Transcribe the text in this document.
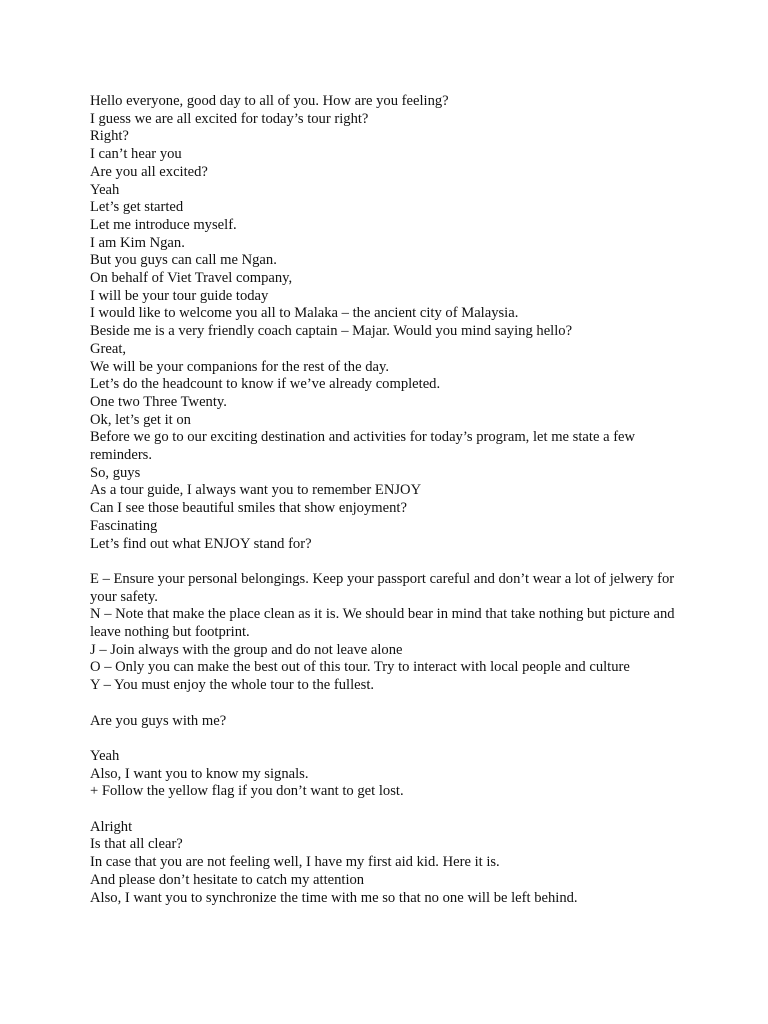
Hello everyone, good day to all of you. How are you feeling?
I guess we are all excited for today’s tour right?
Right?
I can’t hear you
Are you all excited?
Yeah
Let’s get started
Let me introduce myself.
I am Kim Ngan.
But you guys can call me Ngan.
On behalf of Viet Travel company,
I will be your tour guide today
I would like to welcome you all to Malaka – the ancient city of Malaysia.
Beside me is a very friendly coach captain – Majar. Would you mind saying hello?
Great,
We will be your companions for the rest of the day.
Let’s do the headcount to know if we’ve already completed.
One two Three Twenty.
Ok, let’s get it on
Before we go to our exciting destination and activities for today’s program, let me state a few reminders.
So, guys
As a tour guide, I always want you to remember ENJOY
Can I see those beautiful smiles that show enjoyment?
Fascinating
Let’s find out what ENJOY stand for?
E – Ensure your personal belongings. Keep your passport careful and don’t wear a lot of jelwery for your safety.
N – Note that make the place clean as it is. We should bear in mind that take nothing but picture and leave nothing but footprint.
J – Join always with the group and do not leave alone
O – Only you can make the best out of this tour. Try to interact with local people and culture
Y – You must enjoy the whole tour to the fullest.
Are you guys with me?
Yeah
Also, I want you to know my signals.
+ Follow the yellow flag if you don’t want to get lost.
Alright
Is that all clear?
In case that you are not feeling well, I have my first aid kid. Here it is.
And please don’t hesitate to catch my attention
Also, I want you to synchronize the time with me so that no one will be left behind.
